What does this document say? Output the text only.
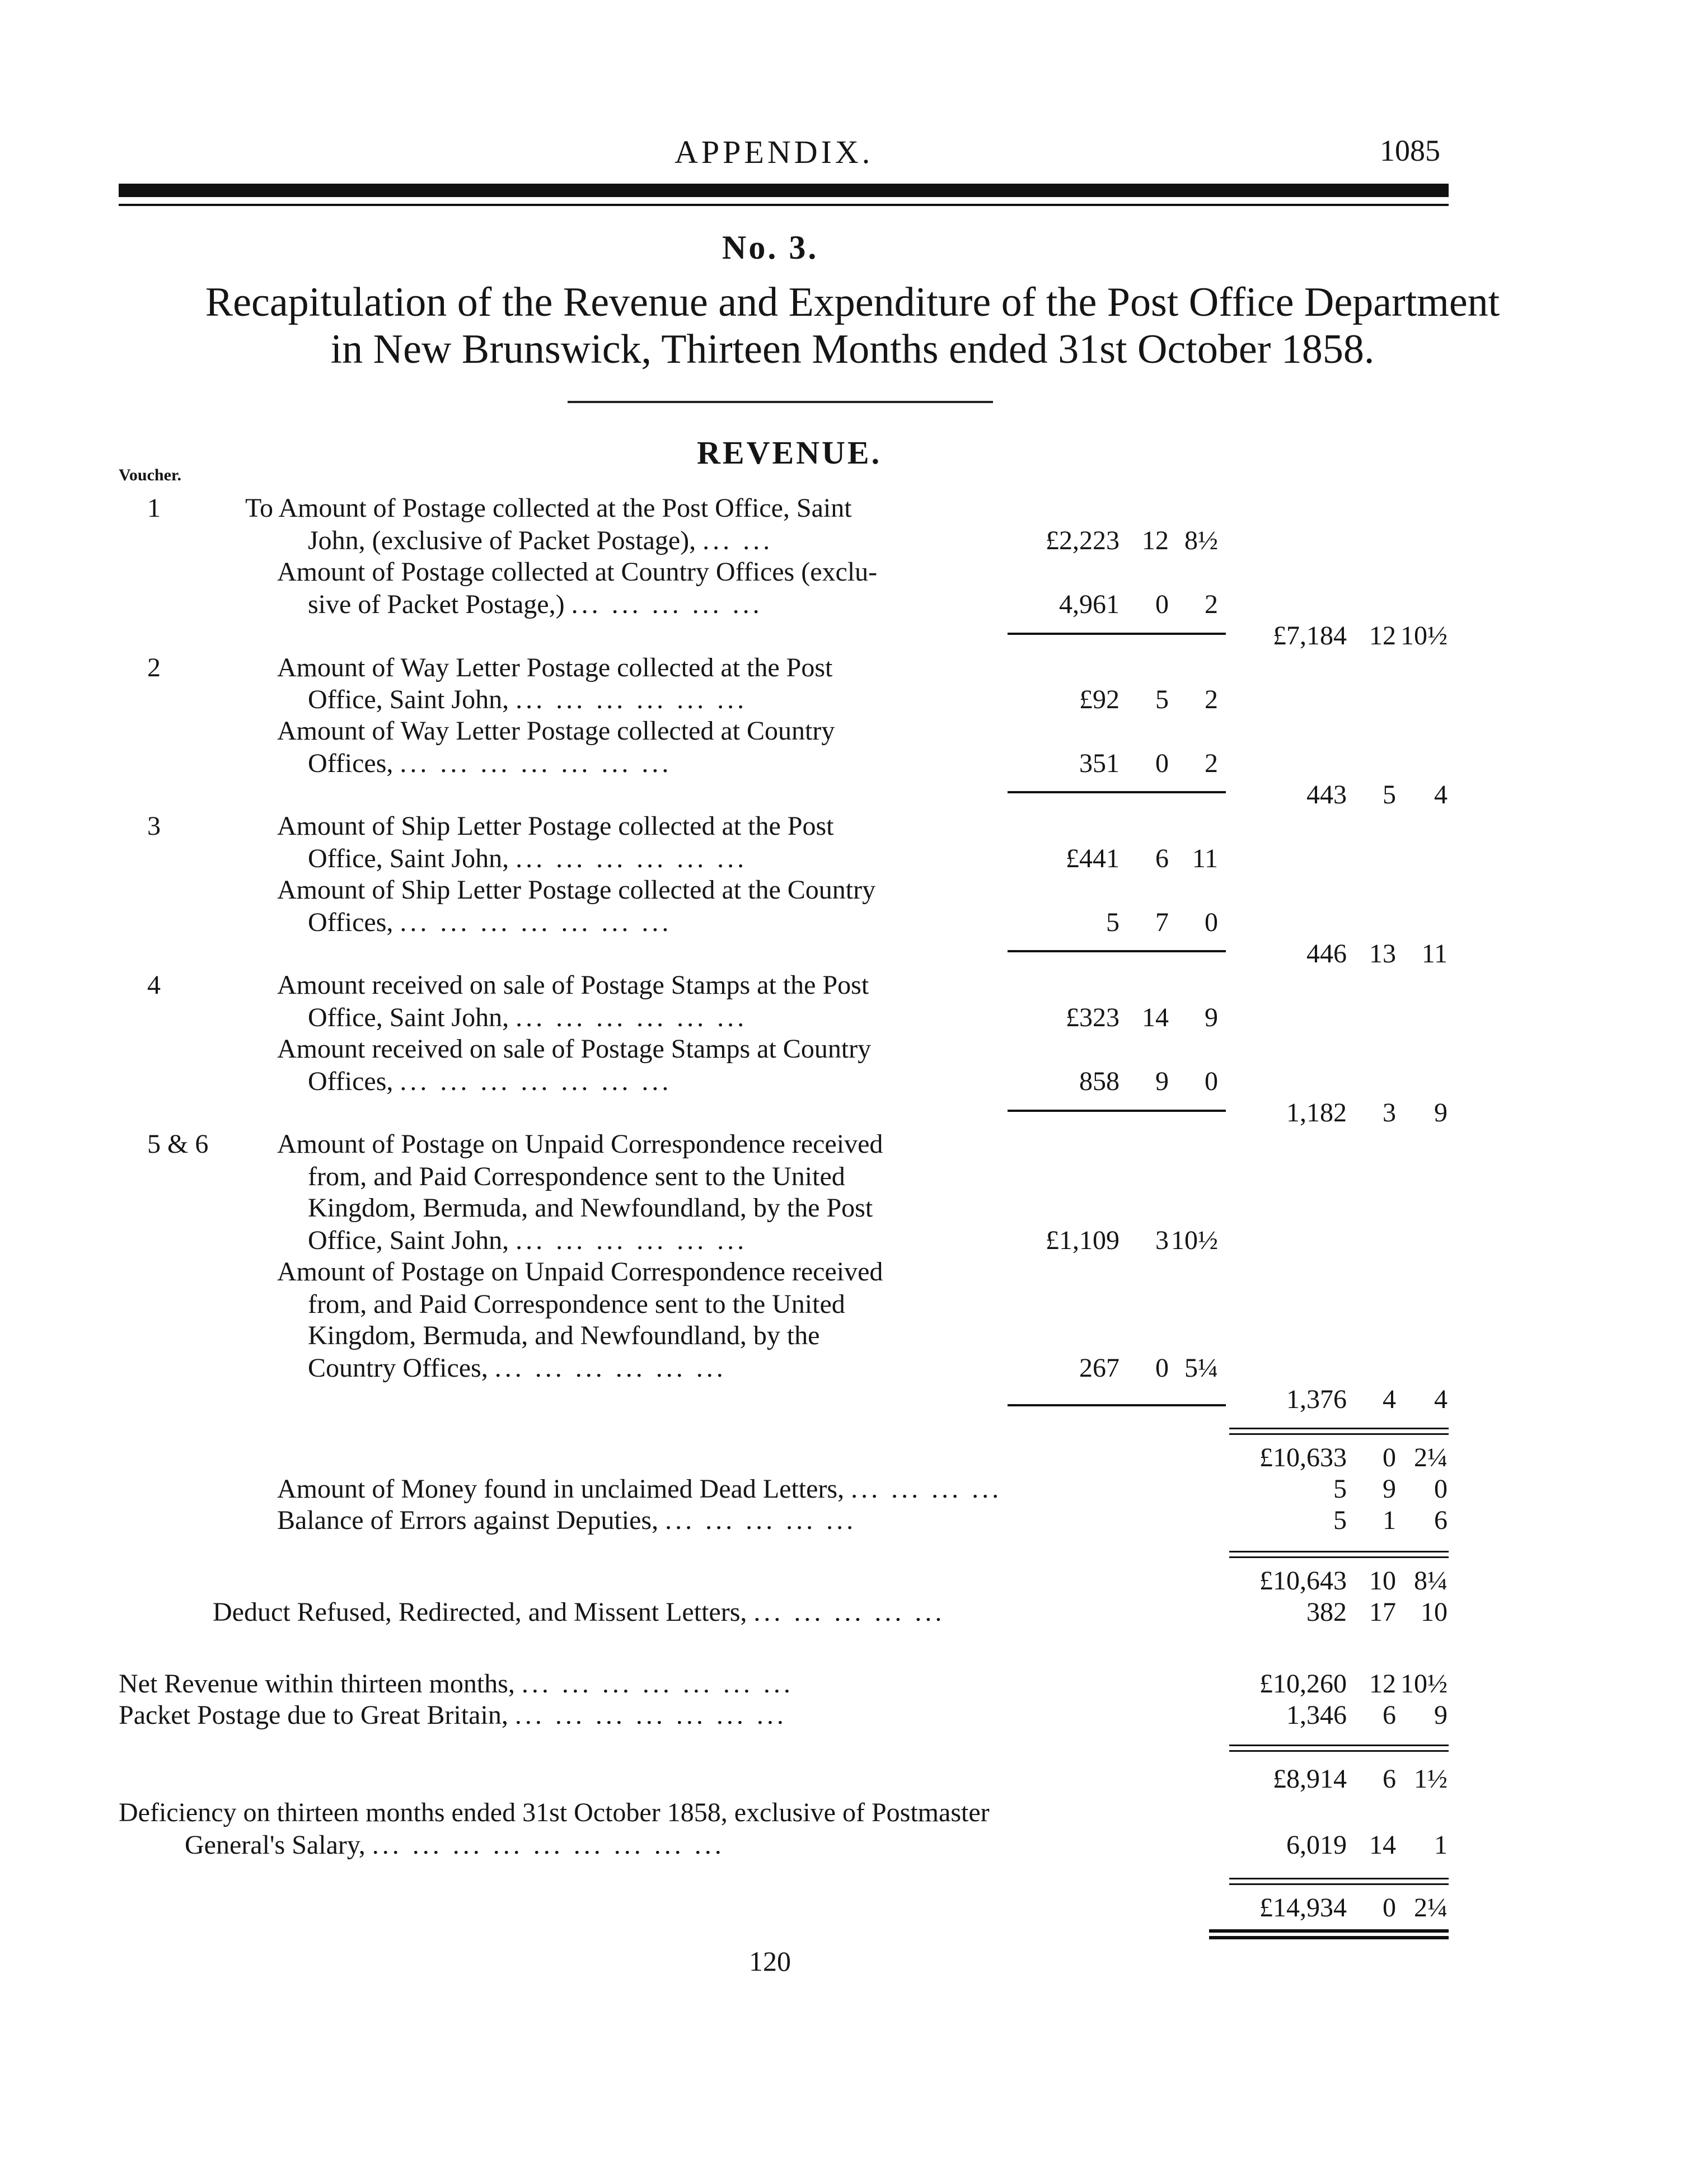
APPENDIX.	1085
No. 3.
Recapitulation of the Revenue and Expenditure of the Post Office Department
in New Brunswick, Thirteen Months ended 31st October 1858.
REVENUE.
Voucher.
1	To Amount of Postage collected at the Post Office, Saint
John, (exclusive of Packet Postage), ... ...	£2,223 12 8½
Amount of Postage collected at Country Offices (exclu-
sive of Packet Postage,) ... ... ... ... ...	4,961 0 2
£7,184 12 10½
2	Amount of Way Letter Postage collected at the Post
Office, Saint John, ... ... ... ... ... ...	£92 5 2
Amount of Way Letter Postage collected at Country
Offices, ... ... ... ... ... ... ...	351 0 2
443 5 4
3	Amount of Ship Letter Postage collected at the Post
Office, Saint John, ... ... ... ... ... ...	£441 6 11
Amount of Ship Letter Postage collected at the Country
Offices, ... ... ... ... ... ... ...	5 7 0
446 13 11
4	Amount received on sale of Postage Stamps at the Post
Office, Saint John, ... ... ... ... ... ...	£323 14 9
Amount received on sale of Postage Stamps at Country
Offices, ... ... ... ... ... ... ...	858 9 0
1,182 3 9
5 & 6	Amount of Postage on Unpaid Correspondence received
from, and Paid Correspondence sent to the United
Kingdom, Bermuda, and Newfoundland, by the Post
Office, Saint John, ... ... ... ... ... ...	£1,109 3 10½
Amount of Postage on Unpaid Correspondence received
from, and Paid Correspondence sent to the United
Kingdom, Bermuda, and Newfoundland, by the
Country Offices, ... ... ... ... ... ...	267 0 5¼
1,376 4 4
£10,633 0 2¼
Amount of Money found in unclaimed Dead Letters, ... ... ... ...	5 9 0
Balance of Errors against Deputies, ... ... ... ... ...	5 1 6
£10,643 10 8¼
Deduct Refused, Redirected, and Missent Letters, ... ... ... ... ...	382 17 10
Net Revenue within thirteen months, ... ... ... ... ... ... ...	£10,260 12 10½
Packet Postage due to Great Britain, ... ... ... ... ... ... ...	1,346 6 9
£8,914 6 1½
Deficiency on thirteen months ended 31st October 1858, exclusive of Postmaster
General's Salary, ... ... ... ... ... ... ... ... ...	6,019 14 1
£14,934 0 2¼
120
